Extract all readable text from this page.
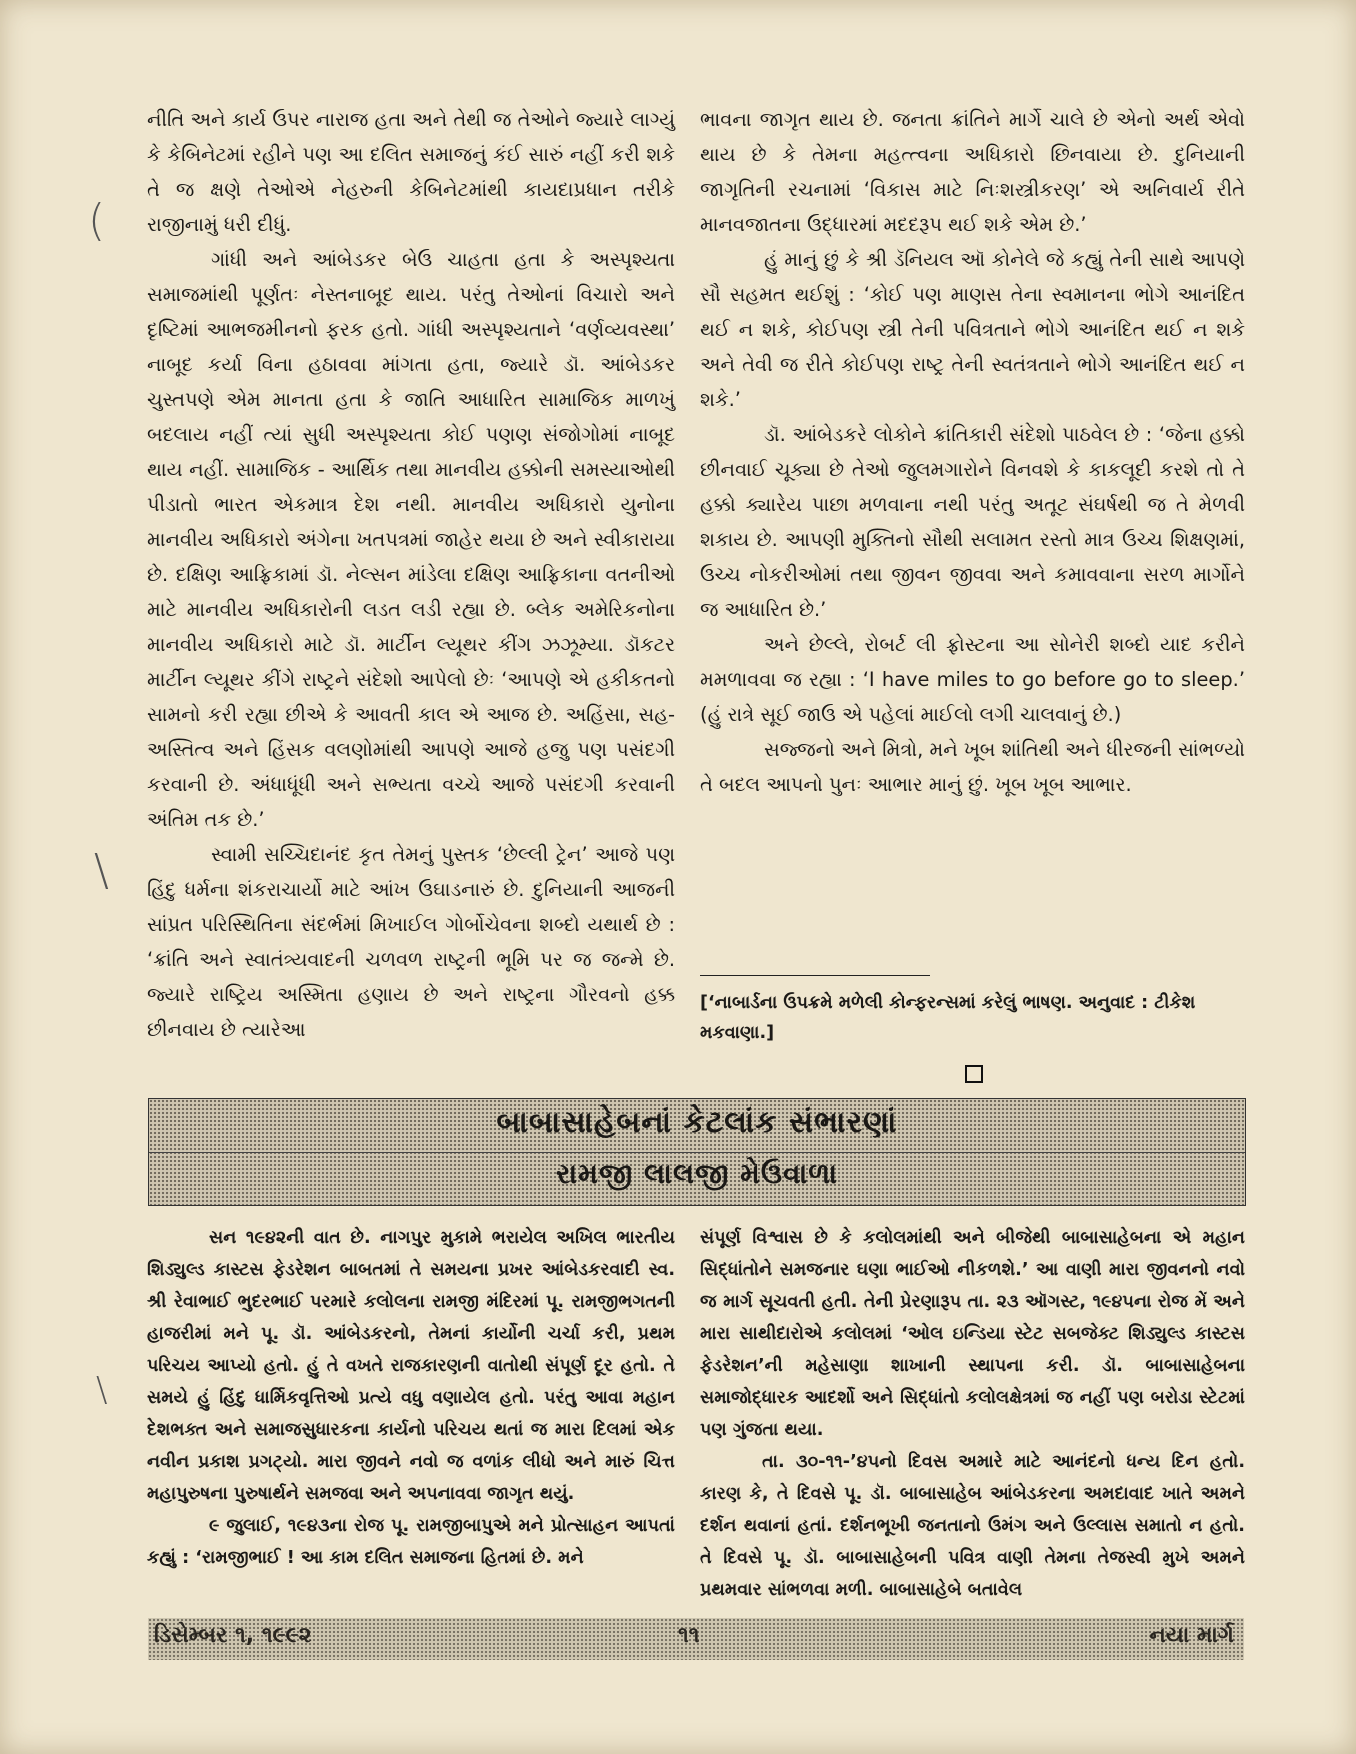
(
\
\

નીતિ અને કાર્ય ઉપર નારાજ હતા અને તેથી જ તેઓને જ્યારે લાગ્યું કે કેબિનેટમાં રહીને પણ આ દલિત સમાજનું કંઈ સારું નહીં કરી શકે તે જ ક્ષણે તેઓએ નેહરુની કેબિનેટમાંથી કાયદાપ્રધાન તરીકે રાજીનામું ધરી દીધું.

ગાંધી અને આંબેડકર બેઉ ચાહતા હતા કે અસ્પૃશ્યતા સમાજમાંથી પૂર્ણતઃ નેસ્તનાબૂદ થાય. પરંતુ તેઓનાં વિચારો અને દૃષ્ટિમાં આભજમીનનો ફરક હતો. ગાંધી અસ્પૃશ્યતાને ‘વર્ણવ્યવસ્થા’ નાબૂદ કર્યા વિના હઠાવવા માંગતા હતા, જ્યારે ડૉ. આંબેડકર ચુસ્તપણે એમ માનતા હતા કે જાતિ આધારિત સામાજિક માળખું બદલાય નહીં ત્યાં સુધી અસ્પૃશ્યતા કોઈ પણણ સંજોગોમાં નાબૂદ થાય નહીં. સામાજિક - આર્થિક તથા માનવીય હક્કોની સમસ્યાઓથી પીડાતો ભારત એકમાત્ર દેશ નથી. માનવીય અધિકારો યુનોના માનવીય અધિકારો અંગેના ખતપત્રમાં જાહેર થયા છે અને સ્વીકારાયા છે. દક્ષિણ આફ્રિકામાં ડૉ. નેલ્સન માંડેલા દક્ષિણ આફ્રિકાના વતનીઓ માટે માનવીય અધિકારોની લડત લડી રહ્યા છે. બ્લેક અમેરિકનોના માનવીય અધિકારો માટે ડૉ. માર્ટીન લ્યૂથર કીંગ ઝઝૂમ્યા. ડૉકટર માર્ટીન લ્યૂથર કીંગે રાષ્ટ્રને સંદેશો આપેલો છેઃ ‘આપણે એ હકીકતનો સામનો કરી રહ્યા છીએ કે આવતી કાલ એ આજ છે. અહિંસા, સહ-અસ્તિત્વ અને હિંસક વલણોમાંથી આપણે આજે હજુ પણ પસંદગી કરવાની છે. અંધાધૂંધી અને સભ્યતા વચ્ચે આજે પસંદગી કરવાની અંતિમ તક છે.’

સ્વામી સચ્ચિદાનંદ કૃત તેમનું પુસ્તક ‘છેલ્લી ટ્રેન’ આજે પણ હિંદુ ધર્મના શંકરાચાર્યો માટે આંખ ઉઘાડનારું છે. દુનિયાની આજની સાંપ્રત પરિસ્થિતિના સંદર્ભમાં મિખાઈલ ગોર્બોચેવના શબ્દો યથાર્થ છે : ‘ક્રાંતિ અને સ્વાતંત્ર્યવાદની ચળવળ રાષ્ટ્રની ભૂમિ પર જ જન્મે છે. જ્યારે રાષ્ટ્રિય અસ્મિતા હણાય છે અને રાષ્ટ્રના ગૌરવનો હક્ક છીનવાય છે ત્યારેઆ

ભાવના જાગૃત થાય છે. જનતા ક્રાંતિને માર્ગે ચાલે છે એનો અર્થ એવો થાય છે કે તેમના મહત્ત્વના અધિકારો છિનવાયા છે. દુનિયાની જાગૃતિની રચનામાં ‘વિકાસ માટે નિઃશસ્ત્રીકરણ’ એ અનિવાર્ય રીતે માનવજાતના ઉદ્ધારમાં મદદરૂપ થઈ શકે એમ છે.’

હું માનું છું કે શ્રી ડૅનિયલ ઑ કોનેલે જે કહ્યું તેની સાથે આપણે સૌ સહમત થઈશું : ‘કોઈ પણ માણસ તેના સ્વમાનના ભોગે આનંદિત થઈ ન શકે, કોઈપણ સ્ત્રી તેની પવિત્રતાને ભોગે આનંદિત થઈ ન શકે અને તેવી જ રીતે કોઈપણ રાષ્ટ્ર તેની સ્વતંત્રતાને ભોગે આનંદિત થઈ ન શકે.’

ડૉ. આંબેડકરે લોકોને ક્રાંતિકારી સંદેશો પાઠવેલ છે : ‘જેના હક્કો છીનવાઈ ચૂક્યા છે તેઓ જુલમગારોને વિનવશે કે કાકલૂદી કરશે તો તે હક્કો ક્યારેય પાછા મળવાના નથી પરંતુ અતૂટ સંઘર્ષથી જ તે મેળવી શકાય છે. આપણી મુક્તિનો સૌથી સલામત રસ્તો માત્ર ઉચ્ચ શિક્ષણમાં, ઉચ્ચ નોકરીઓમાં તથા જીવન જીવવા અને કમાવવાના સરળ માર્ગોને જ આધારિત છે.’

અને છેલ્લે, રોબર્ટ લી ફ્રોસ્ટના આ સોનેરી શબ્દો યાદ કરીને મમળાવવા જ રહ્યા : ‘I have miles to go before go to sleep.’ (હું રાત્રે સૂઈ જાઉ એ પહેલાં માઈલો લગી ચાલવાનું છે.)

સજ્જનો અને મિત્રો, મને ખૂબ શાંતિથી અને ધીરજની સાંભળ્યો તે બદલ આપનો પુનઃ આભાર માનું છું. ખૂબ ખૂબ આભાર.

[‘નાબાર્ડના ઉપક્રમે મળેલી કોન્ફરન્સમાં કરેલું ભાષણ. અનુવાદ : ટીકેશ મકવાણા.]
બાબાસાહેબનાં કેટલાંક સંભારણાં
રામજી લાલજી મેઉવાળા

સન ૧૯૪૨ની વાત છે. નાગપુર મુકામે ભરાયેલ અખિલ ભારતીય શિડ્યુલ્ડ કાસ્ટસ ફેડરેશન બાબતમાં તે સમયના પ્રખર આંબેડકરવાદી સ્વ. શ્રી રેવાભાઈ ભુદરભાઈ પરમારે કલોલના રામજી મંદિરમાં પૂ. રામજીભગતની હાજરીમાં મને પૂ. ડૉ. આંબેડકરનો, તેમનાં કાર્યોની ચર્ચા કરી, પ્રથમ પરિચય આપ્યો હતો. હું તે વખતે રાજકારણની વાતોથી સંપૂર્ણ દૂર હતો. તે સમયે હું હિંદુ ધાર્મિકવૃત્તિઓ પ્રત્યે વધુ વણાયેલ હતો. પરંતુ આવા મહાન દેશભક્ત અને સમાજસુધારકના કાર્યનો પરિચય થતાં જ મારા દિલમાં એક નવીન પ્રકાશ પ્રગટ્યો. મારા જીવને નવો જ વળાંક લીધો અને મારું ચિત્ત મહાપુરુષના પુરુષાર્થને સમજવા અને અપનાવવા જાગૃત થયું.

૯ જુલાઈ, ૧૯૪૩ના રોજ પૂ. રામજીબાપુએ મને પ્રોત્સાહન આપતાં કહ્યું : ‘રામજીભાઈ ! આ કામ દલિત સમાજના હિતમાં છે. મને

સંપૂર્ણ વિશ્વાસ છે કે કલોલમાંથી અને બીજેથી બાબાસાહેબના એ મહાન સિદ્ધાંતોને સમજનાર ઘણા ભાઈઓ નીકળશે.’ આ વાણી મારા જીવનનો નવો જ માર્ગ સૂચવતી હતી. તેની પ્રેરણારૂપ તા. ૨૩ ઑગસ્ટ, ૧૯૪૫ના રોજ મેં અને મારા સાથીદારોએ કલોલમાં ‘ઓલ ઇન્ડિયા સ્ટેટ સબજેક્ટ શિડ્યુલ્ડ કાસ્ટસ ફેડરેશન’ની મહેસાણા શાખાની સ્થાપના કરી. ડૉ. બાબાસાહેબના સમાજોદ્ધારક આદર્શો અને સિદ્ધાંતો કલોલક્ષેત્રમાં જ નહીં પણ બરોડા સ્ટેટમાં પણ ગુંજતા થયા.

તા. ૩૦-૧૧-’૪૫નો દિવસ અમારે માટે આનંદનો ધન્ય દિન હતો. કારણ કે, તે દિવસે પૂ. ડૉ. બાબાસાહેબ આંબેડકરના અમદાવાદ ખાતે અમને દર્શન થવાનાં હતાં. દર્શનભૂખી જનતાનો ઉમંગ અને ઉલ્લાસ સમાતો ન હતો. તે દિવસે પૂ. ડૉ. બાબાસાહેબની પવિત્ર વાણી તેમના તેજસ્વી મુખે અમને પ્રથમવાર સાંભળવા મળી. બાબાસાહેબે બતાવેલ

ડિસેમ્બર ૧, ૧૯૯૨	૧૧	નયા માર્ગ
